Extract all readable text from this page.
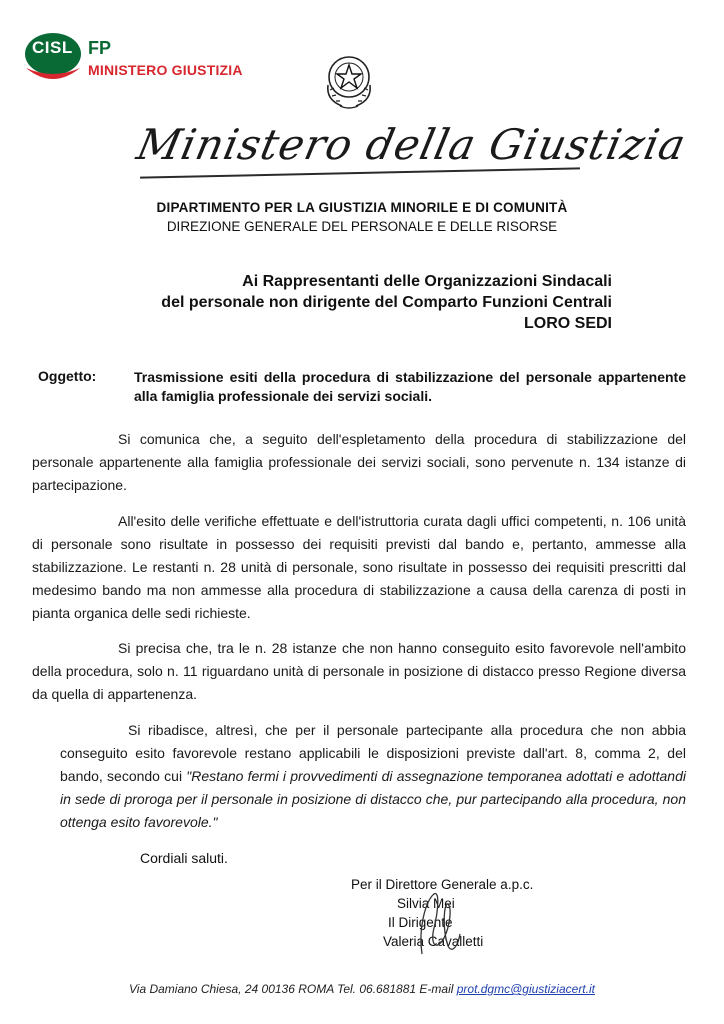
CISL FP
MINISTERO GIUSTIZIA
Ministero della Giustizia
DIPARTIMENTO PER LA GIUSTIZIA MINORILE E DI COMUNITÀ
DIREZIONE GENERALE DEL PERSONALE E DELLE RISORSE
Ai Rappresentanti delle Organizzazioni Sindacali
del personale non dirigente del Comparto Funzioni Centrali
LORO SEDI
Oggetto:	Trasmissione esiti della procedura di stabilizzazione del personale appartenente alla famiglia professionale dei servizi sociali.
Si comunica che, a seguito dell'espletamento della procedura di stabilizzazione del personale appartenente alla famiglia professionale dei servizi sociali, sono pervenute n. 134 istanze di partecipazione.
All'esito delle verifiche effettuate e dell'istruttoria curata dagli uffici competenti, n. 106 unità di personale sono risultate in possesso dei requisiti previsti dal bando e, pertanto, ammesse alla stabilizzazione. Le restanti n. 28 unità di personale, sono risultate in possesso dei requisiti prescritti dal medesimo bando ma non ammesse alla procedura di stabilizzazione a causa della carenza di posti in pianta organica delle sedi richieste.
Si precisa che, tra le n. 28 istanze che non hanno conseguito esito favorevole nell'ambito della procedura, solo n. 11 riguardano unità di personale in posizione di distacco presso Regione diversa da quella di appartenenza.
Si ribadisce, altresì, che per il personale partecipante alla procedura che non abbia conseguito esito favorevole restano applicabili le disposizioni previste dall'art. 8, comma 2, del bando, secondo cui "Restano fermi i provvedimenti di assegnazione temporanea adottati e adottandi in sede di proroga per il personale in posizione di distacco che, pur partecipando alla procedura, non ottenga esito favorevole."
Cordiali saluti.
Per il Direttore Generale a.p.c.
Silvia Mei
Il Dirigente
Valeria Cavalletti
Via Damiano Chiesa, 24 00136 ROMA Tel. 06.681881 E-mail prot.dgmc@giustiziacert.it
